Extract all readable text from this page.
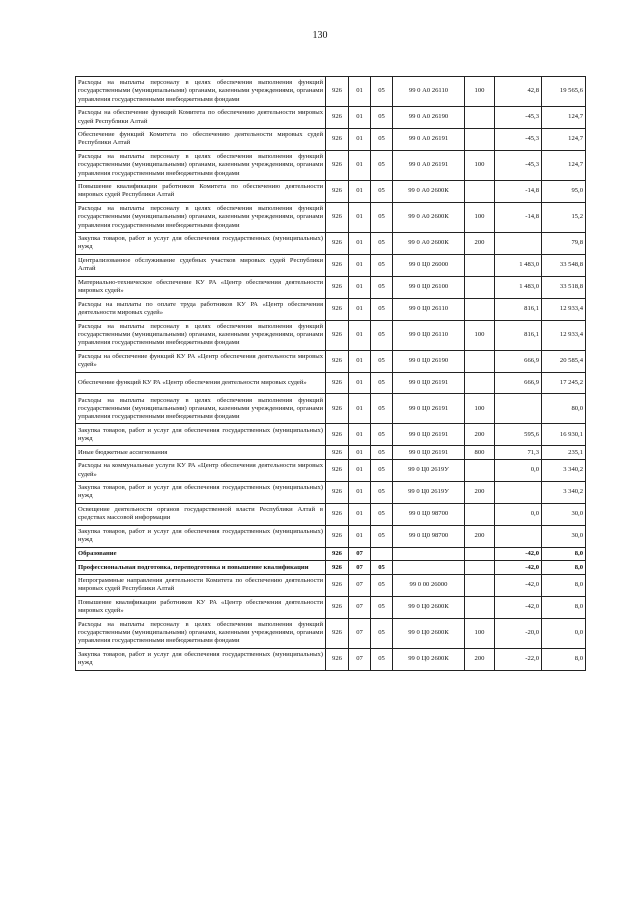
130
Расходы на выплаты персоналу в целях обеспечения выполнения функций государственными (муниципальными) органами, казенными учреждениями, органами управления государственными внебюджетными фондами	926	01	05	99 0 А0 26110	100	42,8	19 565,6
Расходы на обеспечение функций Комитета по обеспечению деятельности мировых судей Республики Алтай	926	01	05	99 0 А0 26190		-45,3	124,7
Обеспечение функций Комитета по обеспечению деятельности мировых судей Республики Алтай	926	01	05	99 0 А0 26191		-45,3	124,7
Расходы на выплаты персоналу в целях обеспечения выполнения функций государственными (муниципальными) органами, казенными учреждениями, органами управления государственными внебюджетными фондами	926	01	05	99 0 А0 26191	100	-45,3	124,7
Повышение квалификации работников Комитета по обеспечению деятельности мировых судей Республики Алтай	926	01	05	99 0 А0 2600К		-14,8	95,0
Расходы на выплаты персоналу в целях обеспечения выполнения функций государственными (муниципальными) органами, казенными учреждениями, органами управления государственными внебюджетными фондами	926	01	05	99 0 А0 2600К	100	-14,8	15,2
Закупка товаров, работ и услуг для обеспечения государственных (муниципальных) нужд	926	01	05	99 0 А0 2600К	200		79,8
Централизованное обслуживание судебных участков мировых судей Республики Алтай	926	01	05	99 0 Ц0 26000		1 483,0	33 548,8
Материально-техническое обеспечение КУ РА «Центр обеспечения деятельности мировых судей»	926	01	05	99 0 Ц0 26100		1 483,0	33 518,8
Расходы на выплаты по оплате труда работников КУ РА «Центр обеспечения деятельности мировых судей»	926	01	05	99 0 Ц0 26110		816,1	12 933,4
Расходы на выплаты персоналу в целях обеспечения выполнения функций государственными (муниципальными) органами, казенными учреждениями, органами управления государственными внебюджетными фондами	926	01	05	99 0 Ц0 26110	100	816,1	12 933,4
Расходы на обеспечение функций КУ РА «Центр обеспечения деятельности мировых судей»	926	01	05	99 0 Ц0 26190		666,9	20 585,4
Обеспечение функций КУ РА «Центр обеспечения деятельности мировых судей»	926	01	05	99 0 Ц0 26191		666,9	17 245,2
Расходы на выплаты персоналу в целях обеспечения выполнения функций государственными (муниципальными) органами, казенными учреждениями, органами управления государственными внебюджетными фондами	926	01	05	99 0 Ц0 26191	100		80,0
Закупка товаров, работ и услуг для обеспечения государственных (муниципальных) нужд	926	01	05	99 0 Ц0 26191	200	595,6	16 930,1
Иные бюджетные ассигнования	926	01	05	99 0 Ц0 26191	800	71,3	235,1
Расходы на коммунальные услуги КУ РА «Центр обеспечения деятельности мировых судей»	926	01	05	99 0 Ц0 2619У		0,0	3 340,2
Закупка товаров, работ и услуг для обеспечения государственных (муниципальных) нужд	926	01	05	99 0 Ц0 2619У	200		3 340,2
Освещение деятельности органов государственной власти Республики Алтай в средствах массовой информации	926	01	05	99 0 Ц0 98700		0,0	30,0
Закупка товаров, работ и услуг для обеспечения государственных (муниципальных) нужд	926	01	05	99 0 Ц0 98700	200		30,0
Образование	926	07				-42,0	8,0
Профессиональная подготовка, переподготовка и повышение квалификации	926	07	05			-42,0	8,0
Непрограммные направления деятельности Комитета по обеспечению деятельности мировых судей Республики Алтай	926	07	05	99 0 00 26000		-42,0	8,0
Повышение квалификации работников КУ РА «Центр обеспечения деятельности мировых судей»	926	07	05	99 0 Ц0 2600К		-42,0	8,0
Расходы на выплаты персоналу в целях обеспечения выполнения функций государственными (муниципальными) органами, казенными учреждениями, органами управления государственными внебюджетными фондами	926	07	05	99 0 Ц0 2600К	100	-20,0	0,0
Закупка товаров, работ и услуг для обеспечения государственных (муниципальных) нужд	926	07	05	99 0 Ц0 2600К	200	-22,0	8,0
